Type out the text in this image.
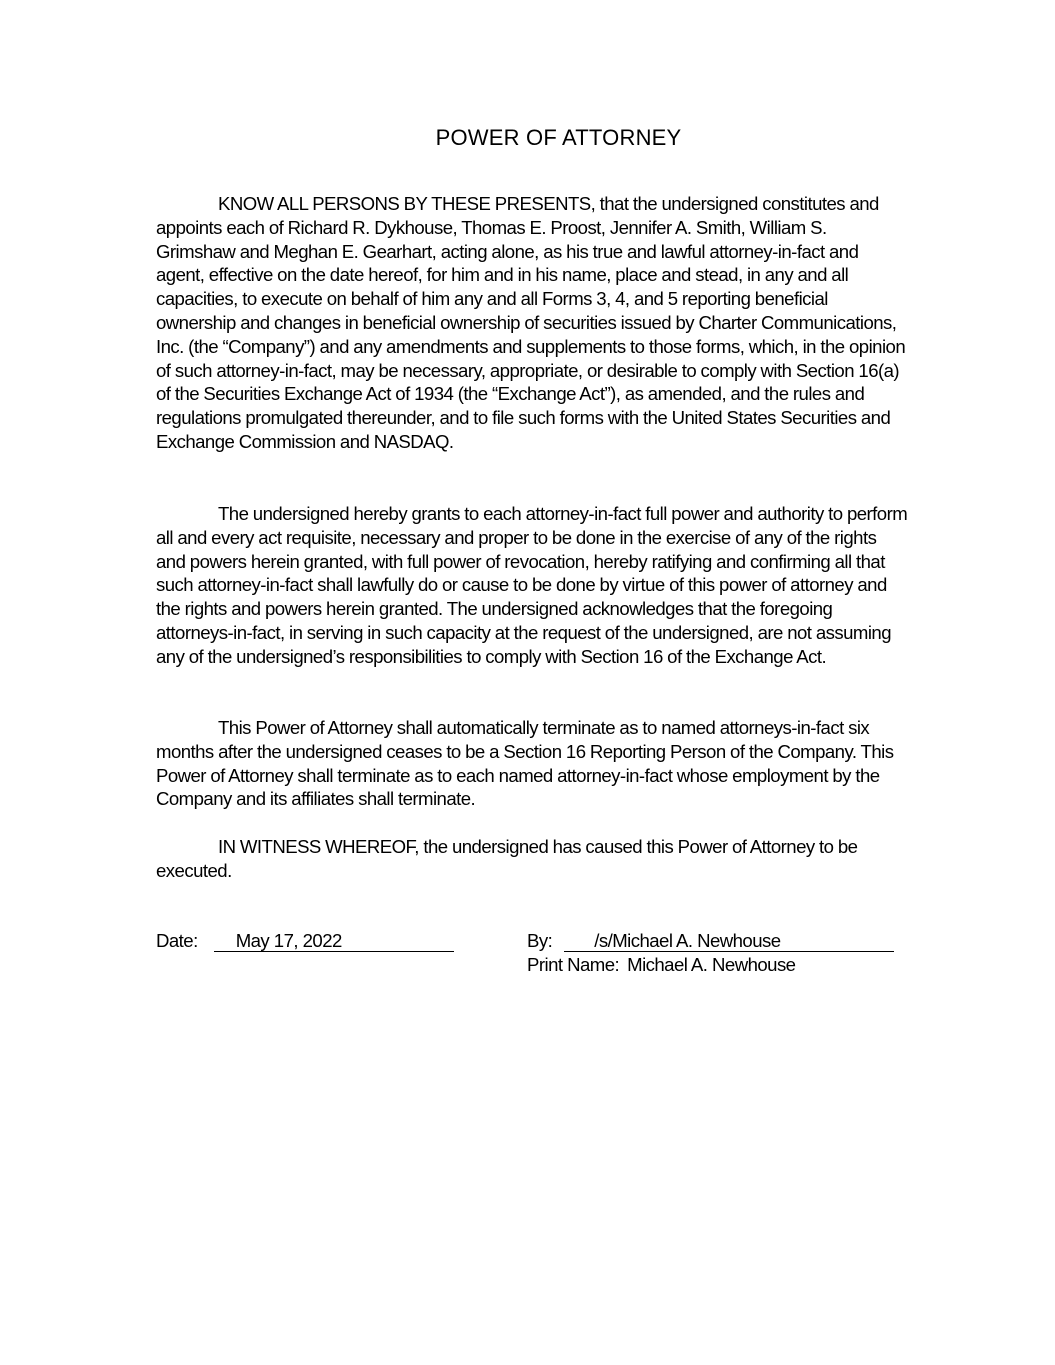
POWER OF ATTORNEY

KNOW ALL PERSONS BY THESE PRESENTS, that the undersigned constitutes and appoints each of Richard R. Dykhouse, Thomas E. Proost, Jennifer A. Smith, William S. Grimshaw and Meghan E. Gearhart, acting alone, as his true and lawful attorney-in-fact and agent, effective on the date hereof, for him and in his name, place and stead, in any and all capacities, to execute on behalf of him any and all Forms 3, 4, and 5 reporting beneficial ownership and changes in beneficial ownership of securities issued by Charter Communications, Inc. (the “Company”) and any amendments and supplements to those forms, which, in the opinion of such attorney-in-fact, may be necessary, appropriate, or desirable to comply with Section 16(a) of the Securities Exchange Act of 1934 (the “Exchange Act”), as amended, and the rules and regulations promulgated thereunder, and to file such forms with the United States Securities and Exchange Commission and NASDAQ.

The undersigned hereby grants to each attorney-in-fact full power and authority to perform all and every act requisite, necessary and proper to be done in the exercise of any of the rights and powers herein granted, with full power of revocation, hereby ratifying and confirming all that such attorney-in-fact shall lawfully do or cause to be done by virtue of this power of attorney and the rights and powers herein granted. The undersigned acknowledges that the foregoing attorneys-in-fact, in serving in such capacity at the request of the undersigned, are not assuming any of the undersigned’s responsibilities to comply with Section 16 of the Exchange Act.

This Power of Attorney shall automatically terminate as to named attorneys-in-fact six months after the undersigned ceases to be a Section 16 Reporting Person of the Company. This Power of Attorney shall terminate as to each named attorney-in-fact whose employment by the Company and its affiliates shall terminate.

IN WITNESS WHEREOF, the undersigned has caused this Power of Attorney to be executed.

Date: May 17, 2022	By: /s/Michael A. Newhouse
Print Name: Michael A. Newhouse
